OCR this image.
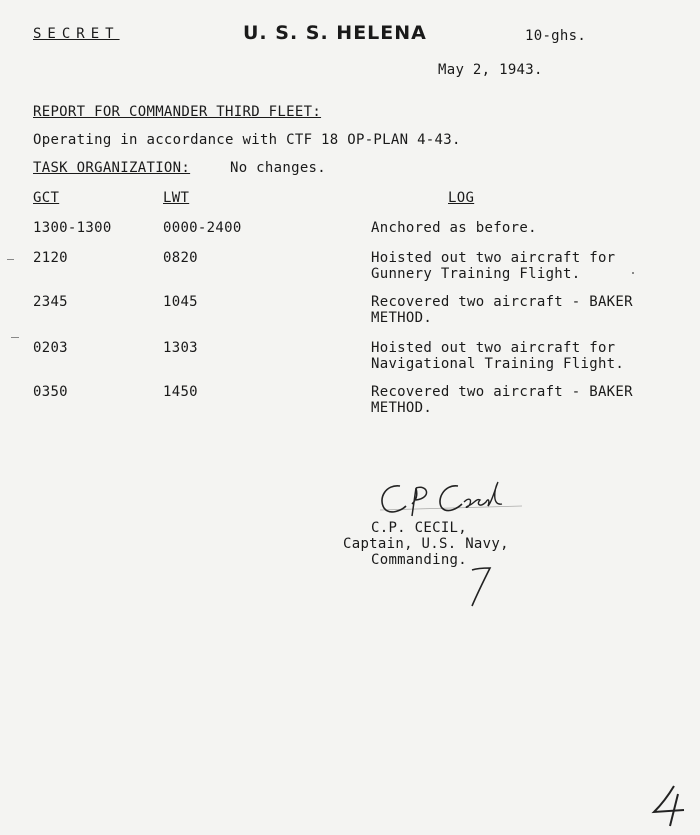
SECRET	U. S. S. HELENA	10-ghs.
May 2, 1943.
REPORT FOR COMMANDER THIRD FLEET:
Operating in accordance with CTF 18 OP-PLAN 4-43.
TASK ORGANIZATION:	No changes.
GCT	LWT	LOG
1300-1300	0000-2400	Anchored as before.
2120	0820	Hoisted out two aircraft for Gunnery Training Flight.
2345	1045	Recovered two aircraft - BAKER METHOD.
0203	1303	Hoisted out two aircraft for Navigational Training Flight.
0350	1450	Recovered two aircraft - BAKER METHOD.
C.P. CECIL,
Captain, U.S. Navy,
Commanding.
